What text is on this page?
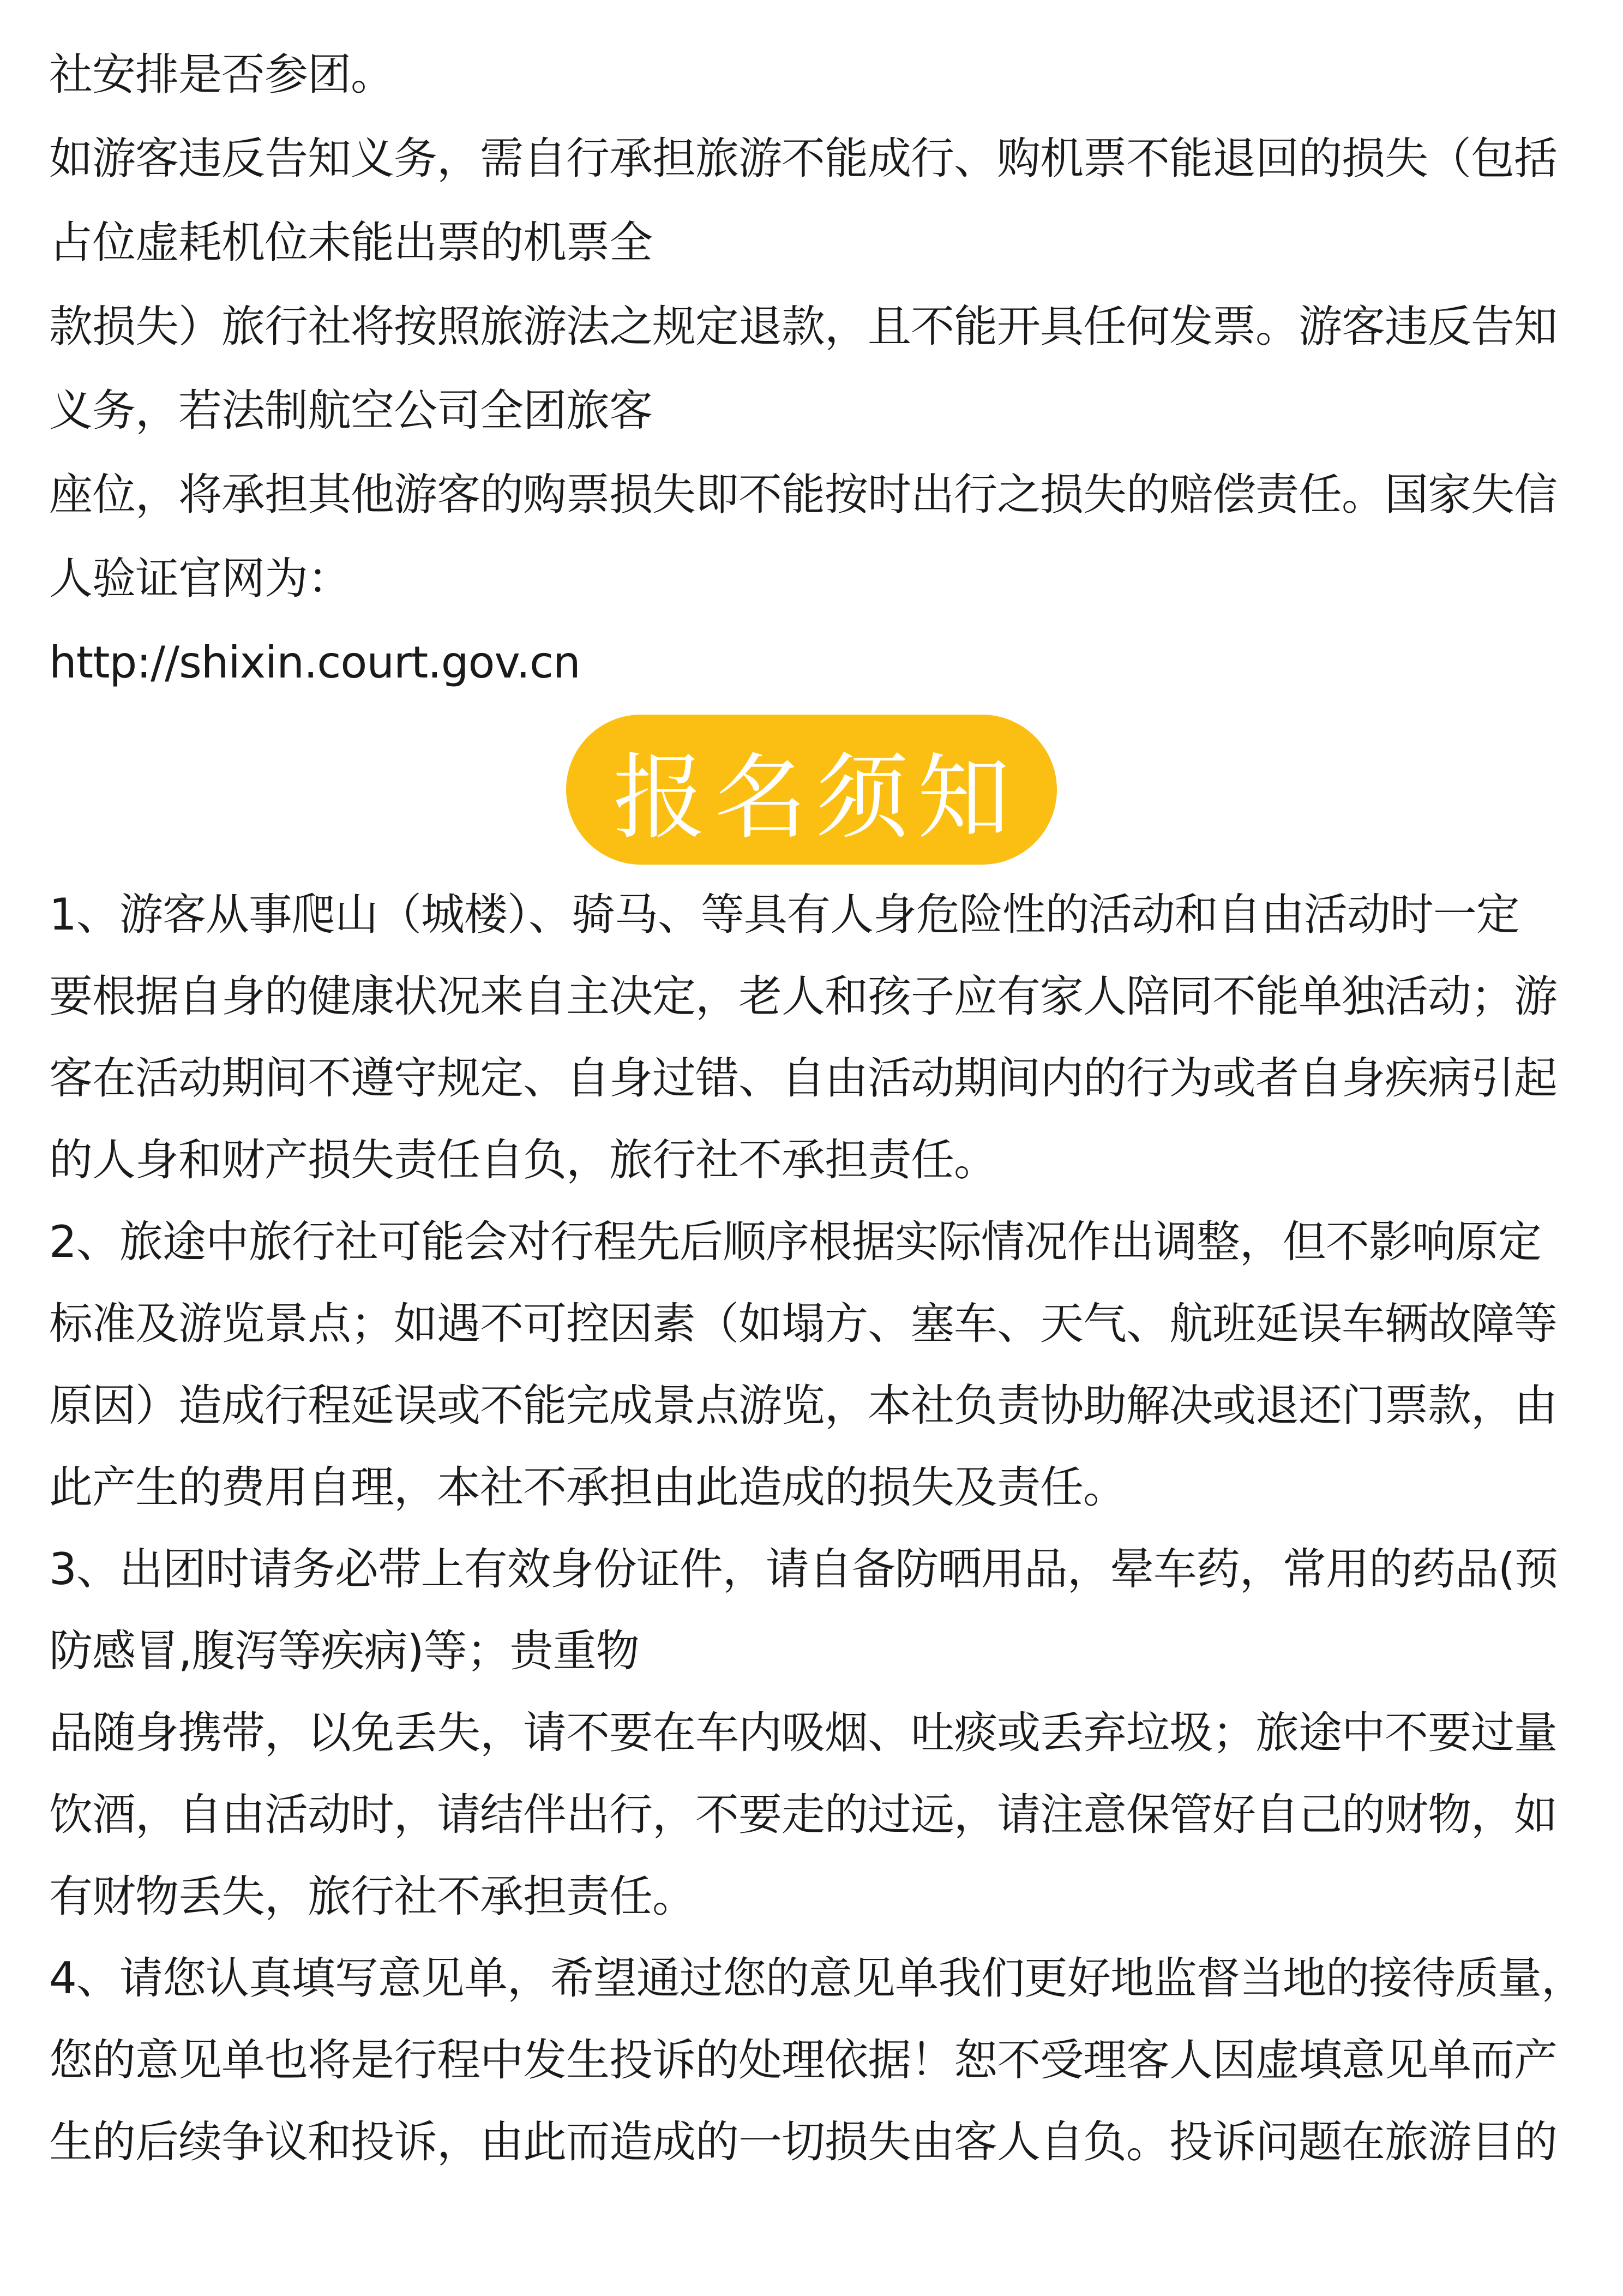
社安排是否参团。
如游客违反告知义务，需自行承担旅游不能成行、购机票不能退回的损失（包括
占位虚耗机位未能出票的机票全
款损失）旅行社将按照旅游法之规定退款，且不能开具任何发票。游客违反告知
义务，若法制航空公司全团旅客
座位，将承担其他游客的购票损失即不能按时出行之损失的赔偿责任。国家失信
人验证官网为：
http://shixin.court.gov.cn
报名须知
1、游客从事爬山（城楼）、骑马、等具有人身危险性的活动和自由活动时一定
要根据自身的健康状况来自主决定，老人和孩子应有家人陪同不能单独活动；游
客在活动期间不遵守规定、自身过错、自由活动期间内的行为或者自身疾病引起
的人身和财产损失责任自负，旅行社不承担责任。
2、旅途中旅行社可能会对行程先后顺序根据实际情况作出调整，但不影响原定
标准及游览景点；如遇不可控因素（如塌方、塞车、天气、航班延误车辆故障等
原因）造成行程延误或不能完成景点游览，本社负责协助解决或退还门票款，由
此产生的费用自理，本社不承担由此造成的损失及责任。
3、出团时请务必带上有效身份证件，请自备防晒用品，晕车药，常用的药品(预
防感冒,腹泻等疾病)等；贵重物
品随身携带，以免丢失，请不要在车内吸烟、吐痰或丢弃垃圾；旅途中不要过量
饮酒，自由活动时，请结伴出行，不要走的过远，请注意保管好自己的财物，如
有财物丢失，旅行社不承担责任。
4、请您认真填写意见单，希望通过您的意见单我们更好地监督当地的接待质量，
您的意见单也将是行程中发生投诉的处理依据！恕不受理客人因虚填意见单而产
生的后续争议和投诉，由此而造成的一切损失由客人自负。投诉问题在旅游目的
